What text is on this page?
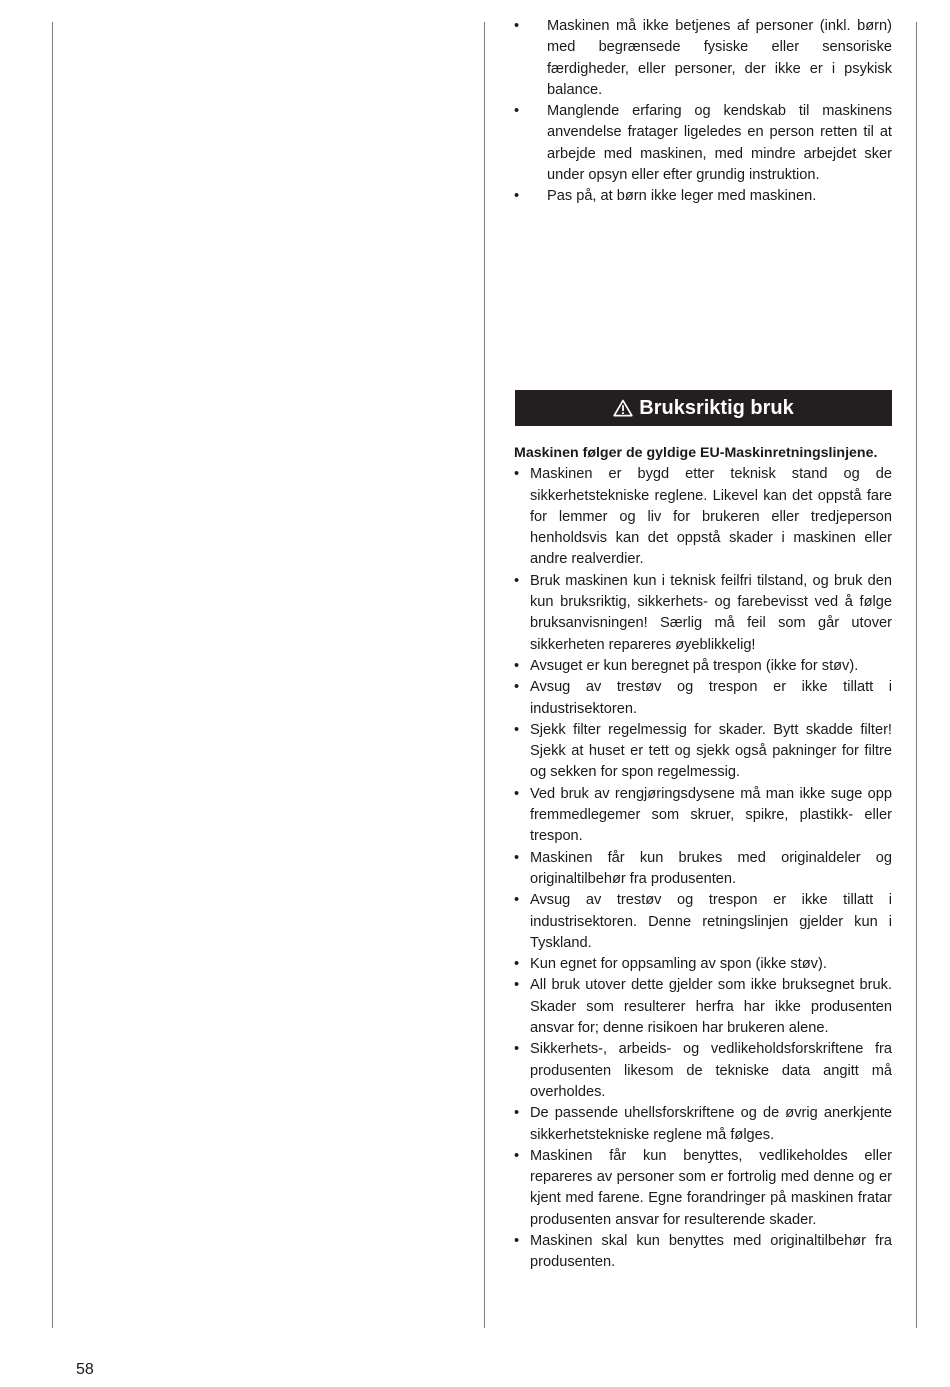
• Maskinen må ikke betjenes af personer (inkl. børn) med begrænsede fysiske eller sensoriske færdigheder, eller personer, der ikke er i psykisk balance.
• Manglende erfaring og kendskab til maskinens anvendelse fratager ligeledes en person retten til at arbejde med maskinen, med mindre arbejdet sker under opsyn eller efter grundig instruktion.
• Pas på, at børn ikke leger med maskinen.
Bruksriktig bruk

Maskinen følger de gyldige EU-Maskinretningslinjene.

• Maskinen er bygd etter teknisk stand og de sikkerhetstekniske reglene. Likevel kan det oppstå fare for lemmer og liv for brukeren eller tredjeperson henholdsvis kan det oppstå skader i maskinen eller andre realverdier.
• Bruk maskinen kun i teknisk feilfri tilstand, og bruk den kun bruksriktig, sikkerhets- og farebevisst ved å følge bruksanvisningen! Særlig må feil som går utover sikkerheten repareres øyeblikkelig!
• Avsuget er kun beregnet på trespon (ikke for støv).
• Avsug av trestøv og trespon er ikke tillatt i industrisektoren.
• Sjekk filter regelmessig for skader. Bytt skadde filter! Sjekk at huset er tett og sjekk også pakninger for filtre og sekken for spon regelmessig.
• Ved bruk av rengjøringsdysene må man ikke suge opp fremmedlegemer som skruer, spikre, plastikk- eller trespon.
• Maskinen får kun brukes med originaldeler og originaltilbehør fra produsenten.
• Avsug av trestøv og trespon er ikke tillatt i industrisektoren. Denne retningslinjen gjelder kun i Tyskland.
• Kun egnet for oppsamling av spon (ikke støv).
• All bruk utover dette gjelder som ikke bruksegnet bruk. Skader som resulterer herfra har ikke produsenten ansvar for; denne risikoen har brukeren alene.
• Sikkerhets-, arbeids- og vedlikeholdsforskriftene fra produsenten likesom de tekniske data angitt må overholdes.
• De passende uhellsforskriftene og de øvrig anerkjente sikkerhetstekniske reglene må følges.
• Maskinen får kun benyttes, vedlikeholdes eller repareres av personer som er fortrolig med denne og er kjent med farene. Egne forandringer på maskinen fratar produsenten ansvar for resulterende skader.
• Maskinen skal kun benyttes med originaltilbehør fra produsenten.
58
